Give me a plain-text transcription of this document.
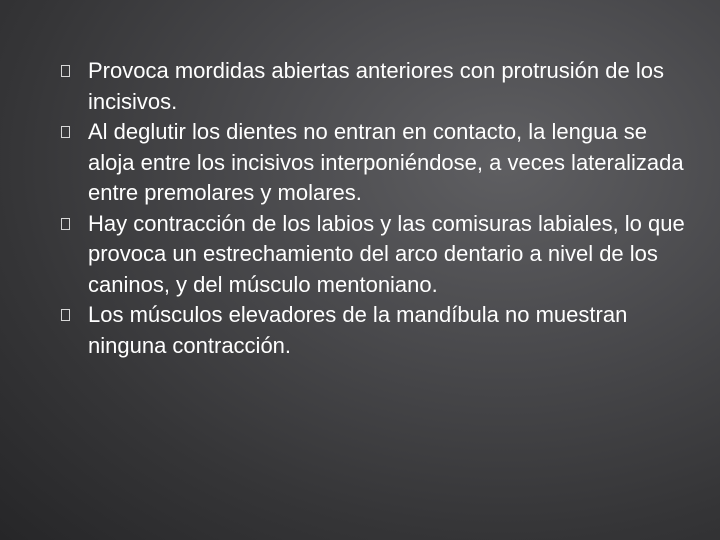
Provoca mordidas abiertas anteriores con protrusión de los incisivos.
Al deglutir los dientes no entran en contacto, la lengua se aloja entre los incisivos interponiéndose, a veces lateralizada entre premolares y molares.
Hay contracción de los labios y las comisuras labiales, lo que provoca un estrechamiento del arco dentario a nivel de los caninos, y del músculo mentoniano.
Los músculos elevadores de la mandíbula no muestran ninguna contracción.
